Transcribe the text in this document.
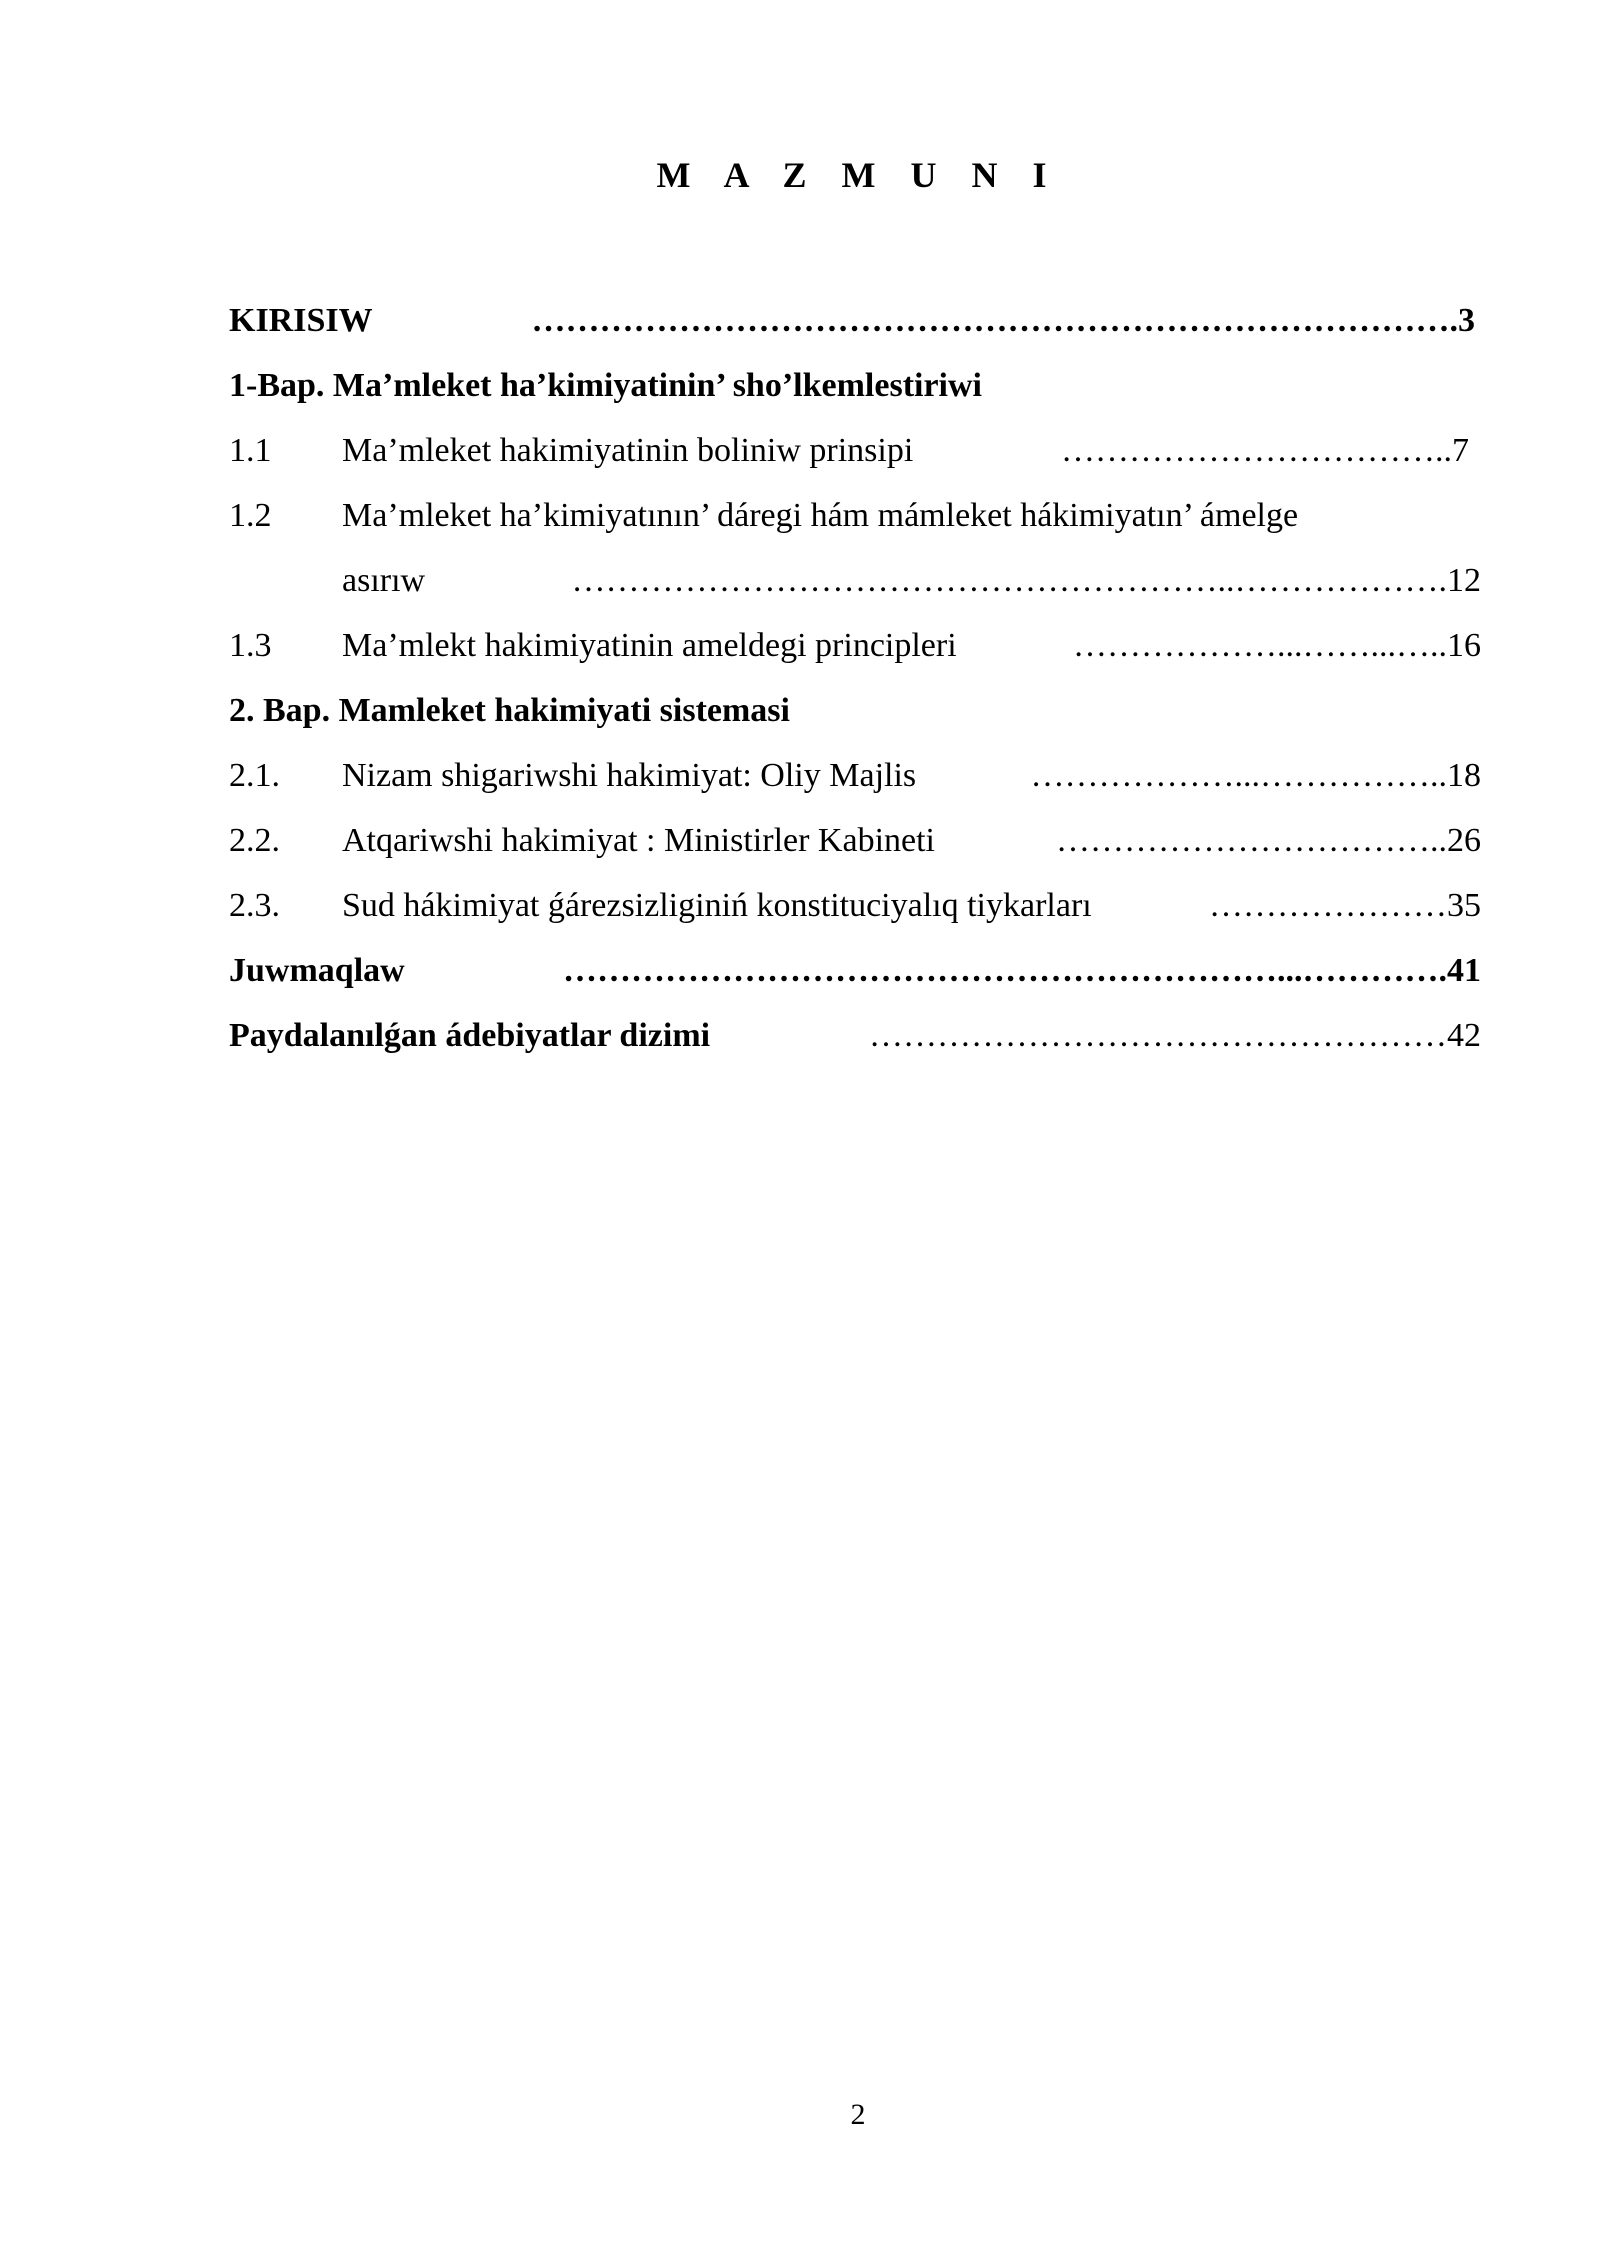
M A Z M U N I
KIRISIW	……………………………………………………………………….3
1-Bap. Ma’mleket ha’kimiyatinin’ sho’lkemlestiriwi
1.1 Ma’mleket hakimiyatinin boliniw prinsipi	……………………………..7
1.2 Ma’mleket ha’kimiyatının’ dáregi hám mámleket hákimiyatın’ ámelge
asırıw	…………………………………………………..……………….12
1.3 Ma’mlekt hakimiyatinin ameldegi principleri	………………...……...…..16
2. Bap. Mamleket hakimiyati sistemasi
2.1. Nizam shigariwshi hakimiyat: Oliy Majlis	………………...……………..18
2.2. Atqariwshi hakimiyat : Ministirler Kabineti	……………………………..26
2.3. Sud hákimiyat ǵárezsizliginiń konstituciyalıq tiykarları	…………………35
Juwmaqlaw	………………………………………………………...………….41
Paydalanılǵan ádebiyatlar dizimi	……………………………………………42
2
